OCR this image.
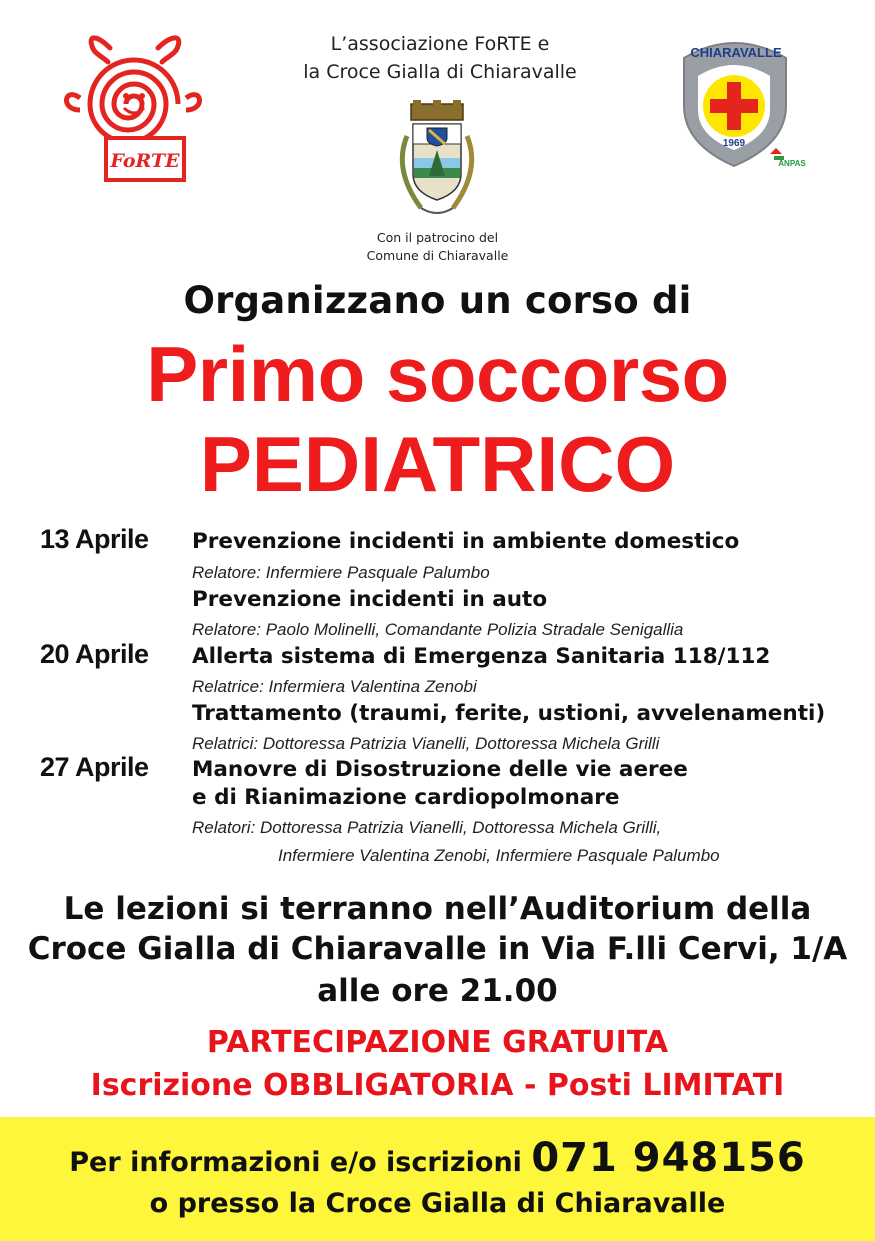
FoRTE
L’associazione FoRTE e
la Croce Gialla di Chiaravalle
Con il patrocino del
Comune di Chiaravalle
CHIARAVALLE
1969
ANPAS
Organizzano un corso di
Primo soccorso
PEDIATRICO
13 Aprile Prevenzione incidenti in ambiente domestico
Relatore: Infermiere Pasquale Palumbo
Prevenzione incidenti in auto
Relatore: Paolo Molinelli, Comandante Polizia Stradale Senigallia
20 Aprile Allerta sistema di Emergenza Sanitaria 118/112
Relatrice: Infermiera Valentina Zenobi
Trattamento (traumi, ferite, ustioni, avvelenamenti)
Relatrici: Dottoressa Patrizia Vianelli, Dottoressa Michela Grilli
27 Aprile Manovre di Disostruzione delle vie aeree
e di Rianimazione cardiopolmonare
Relatori: Dottoressa Patrizia Vianelli, Dottoressa Michela Grilli,
Infermiere Valentina Zenobi, Infermiere Pasquale Palumbo
Le lezioni si terranno nell’Auditorium della
Croce Gialla di Chiaravalle in Via F.lli Cervi, 1/A
alle ore 21.00
PARTECIPAZIONE GRATUITA
Iscrizione OBBLIGATORIA - Posti LIMITATI
Per informazioni e/o iscrizioni 071 948156
o presso la Croce Gialla di Chiaravalle
